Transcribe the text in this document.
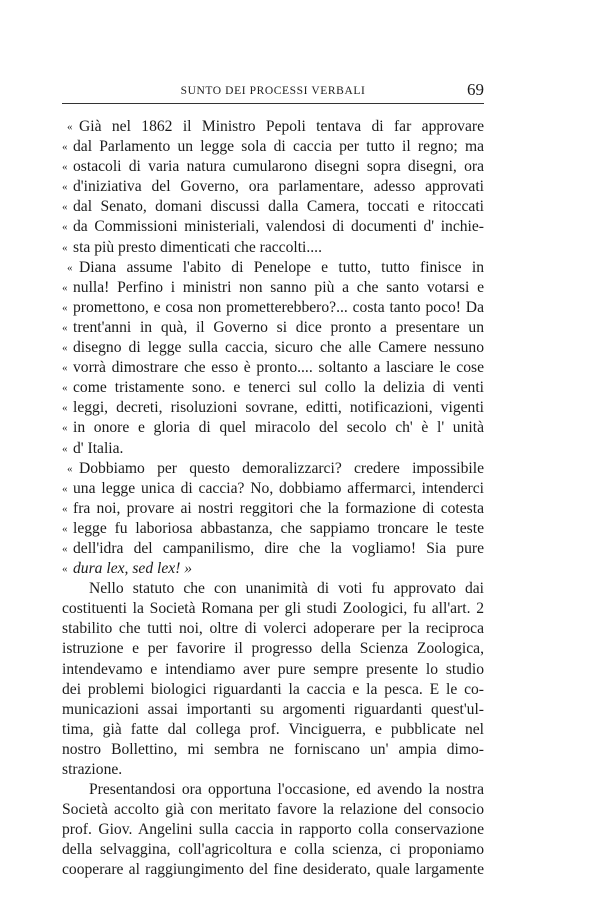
SUNTO DEI PROCESSI VERBALI	69
« Già nel 1862 il Ministro Pepoli tentava di far approvare
« dal Parlamento un legge sola di caccia per tutto il regno; ma
« ostacoli di varia natura cumularono disegni sopra disegni, ora
« d'iniziativa del Governo, ora parlamentare, adesso approvati
« dal Senato, domani discussi dalla Camera, toccati e ritoccati
« da Commissioni ministeriali, valendosi di documenti d' inchie-
« sta più presto dimenticati che raccolti....
« Diana assume l'abito di Penelope e tutto, tutto finisce in
« nulla! Perfino i ministri non sanno più a che santo votarsi e
« promettono, e cosa non prometterebbero?... costa tanto poco! Da
« trent'anni in quà, il Governo si dice pronto a presentare un
« disegno di legge sulla caccia, sicuro che alle Camere nessuno
« vorrà dimostrare che esso è pronto.... soltanto a lasciare le cose
« come tristamente sono. e tenerci sul collo la delizia di venti
« leggi, decreti, risoluzioni sovrane, editti, notificazioni, vigenti
« in onore e gloria di quel miracolo del secolo ch' è l' unità
« d' Italia.
« Dobbiamo per questo demoralizzarci? credere impossibile
« una legge unica di caccia? No, dobbiamo affermarci, intenderci
« fra noi, provare ai nostri reggitori che la formazione di cotesta
« legge fu laboriosa abbastanza, che sappiamo troncare le teste
« dell'idra del campanilismo, dire che la vogliamo! Sia pure
« dura lex, sed lex! »
Nello statuto che con unanimità di voti fu approvato dai
costituenti la Società Romana per gli studi Zoologici, fu all'art. 2
stabilito che tutti noi, oltre di volerci adoperare per la reciproca
istruzione e per favorire il progresso della Scienza Zoologica,
intendevamo e intendiamo aver pure sempre presente lo studio
dei problemi biologici riguardanti la caccia e la pesca. E le co-
municazioni assai importanti su argomenti riguardanti quest'ul-
tima, già fatte dal collega prof. Vinciguerra, e pubblicate nel
nostro Bollettino, mi sembra ne forniscano un' ampia dimo-
strazione.
Presentandosi ora opportuna l'occasione, ed avendo la nostra
Società accolto già con meritato favore la relazione del consocio
prof. Giov. Angelini sulla caccia in rapporto colla conservazione
della selvaggina, coll'agricoltura e colla scienza, ci proponiamo
cooperare al raggiungimento del fine desiderato, quale largamente
